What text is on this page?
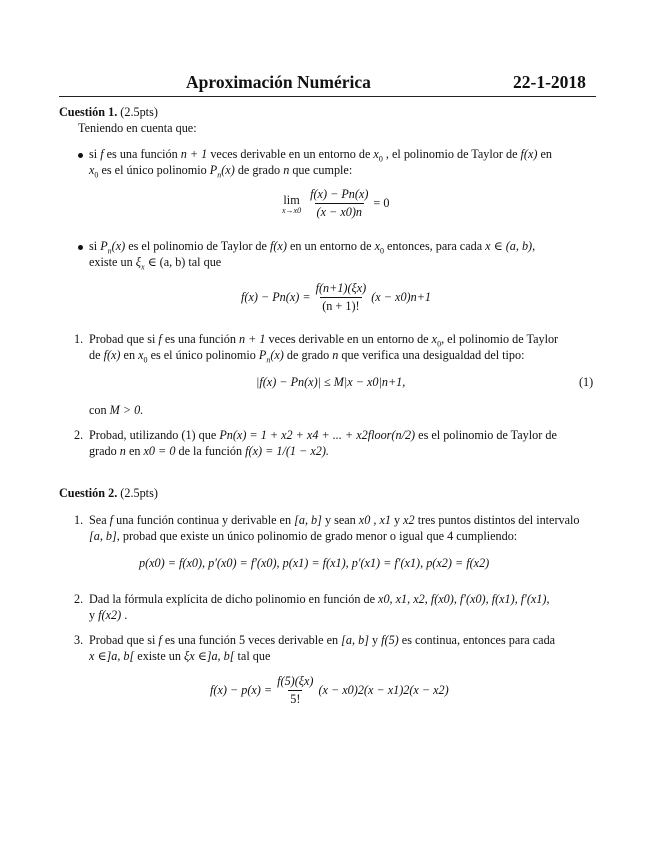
Aproximación Numérica	22-1-2018
Cuestión 1. (2.5pts)
Teniendo en cuenta que:
si f es una función n + 1 veces derivable en un entorno de $x_0$ , el polinomio de Taylor de f(x) en
$x_0$ es el único polinomio $P_n(x)$ de grado n que cumple:
lim
$x\to x0 \frac{f(x) - Pn(x)}{(x - x0)n} = 0$
si $P_n(x)$ es el polinomio de Taylor de f(x) en un entorno de $x_0$ entonces, para cada x ∈ (a, b),
existe un $\xi_x$ ∈ (a, b) tal que
$f(x) - Pn(x) = \frac{f(n+1)(\xi x)}{(n + 1)!} (x - x0)n+1$
1. Probad que si f es una función n + 1 veces derivable en un entorno de $x_0$, el polinomio de Taylor
de f(x) en $x_0$ es el único polinomio $P_n(x)$ de grado n que verifica una desigualdad del tipo:
|f(x) − Pn(x)| ≤ M|x − x0|n+1,	(1)
con M > 0.
2. Probad, utilizando (1) que Pn(x) = 1 + x2 + x4 + ... + x2floor(n/2) es el polinomio de Taylor de
grado n en x0 = 0 de la función f(x) = 1/(1 − x2).
Cuestión 2. (2.5pts)
1. Sea f una función continua y derivable en [a, b] y sean x0 , x1 y x2 tres puntos distintos del intervalo
[a, b], probad que existe un único polinomio de grado menor o igual que 4 cumpliendo:
p(x0) = f(x0), p′(x0) = f′(x0), p(x1) = f(x1), p′(x1) = f′(x1), p(x2) = f(x2)
2. Dad la fórmula explícita de dicho polinomio en función de x0, x1, x2, f(x0), f′(x0), f(x1), f′(x1),
y f(x2) .
3. Probad que si f es una función 5 veces derivable en [a, b] y f(5) es continua, entonces para cada
x ∈]a, b[ existe un ξx ∈]a, b[ tal que
$f(x) - p(x) = \frac{f(5)(\xi x)}{5!} (x - x0)2(x - x1)2(x - x2)$
